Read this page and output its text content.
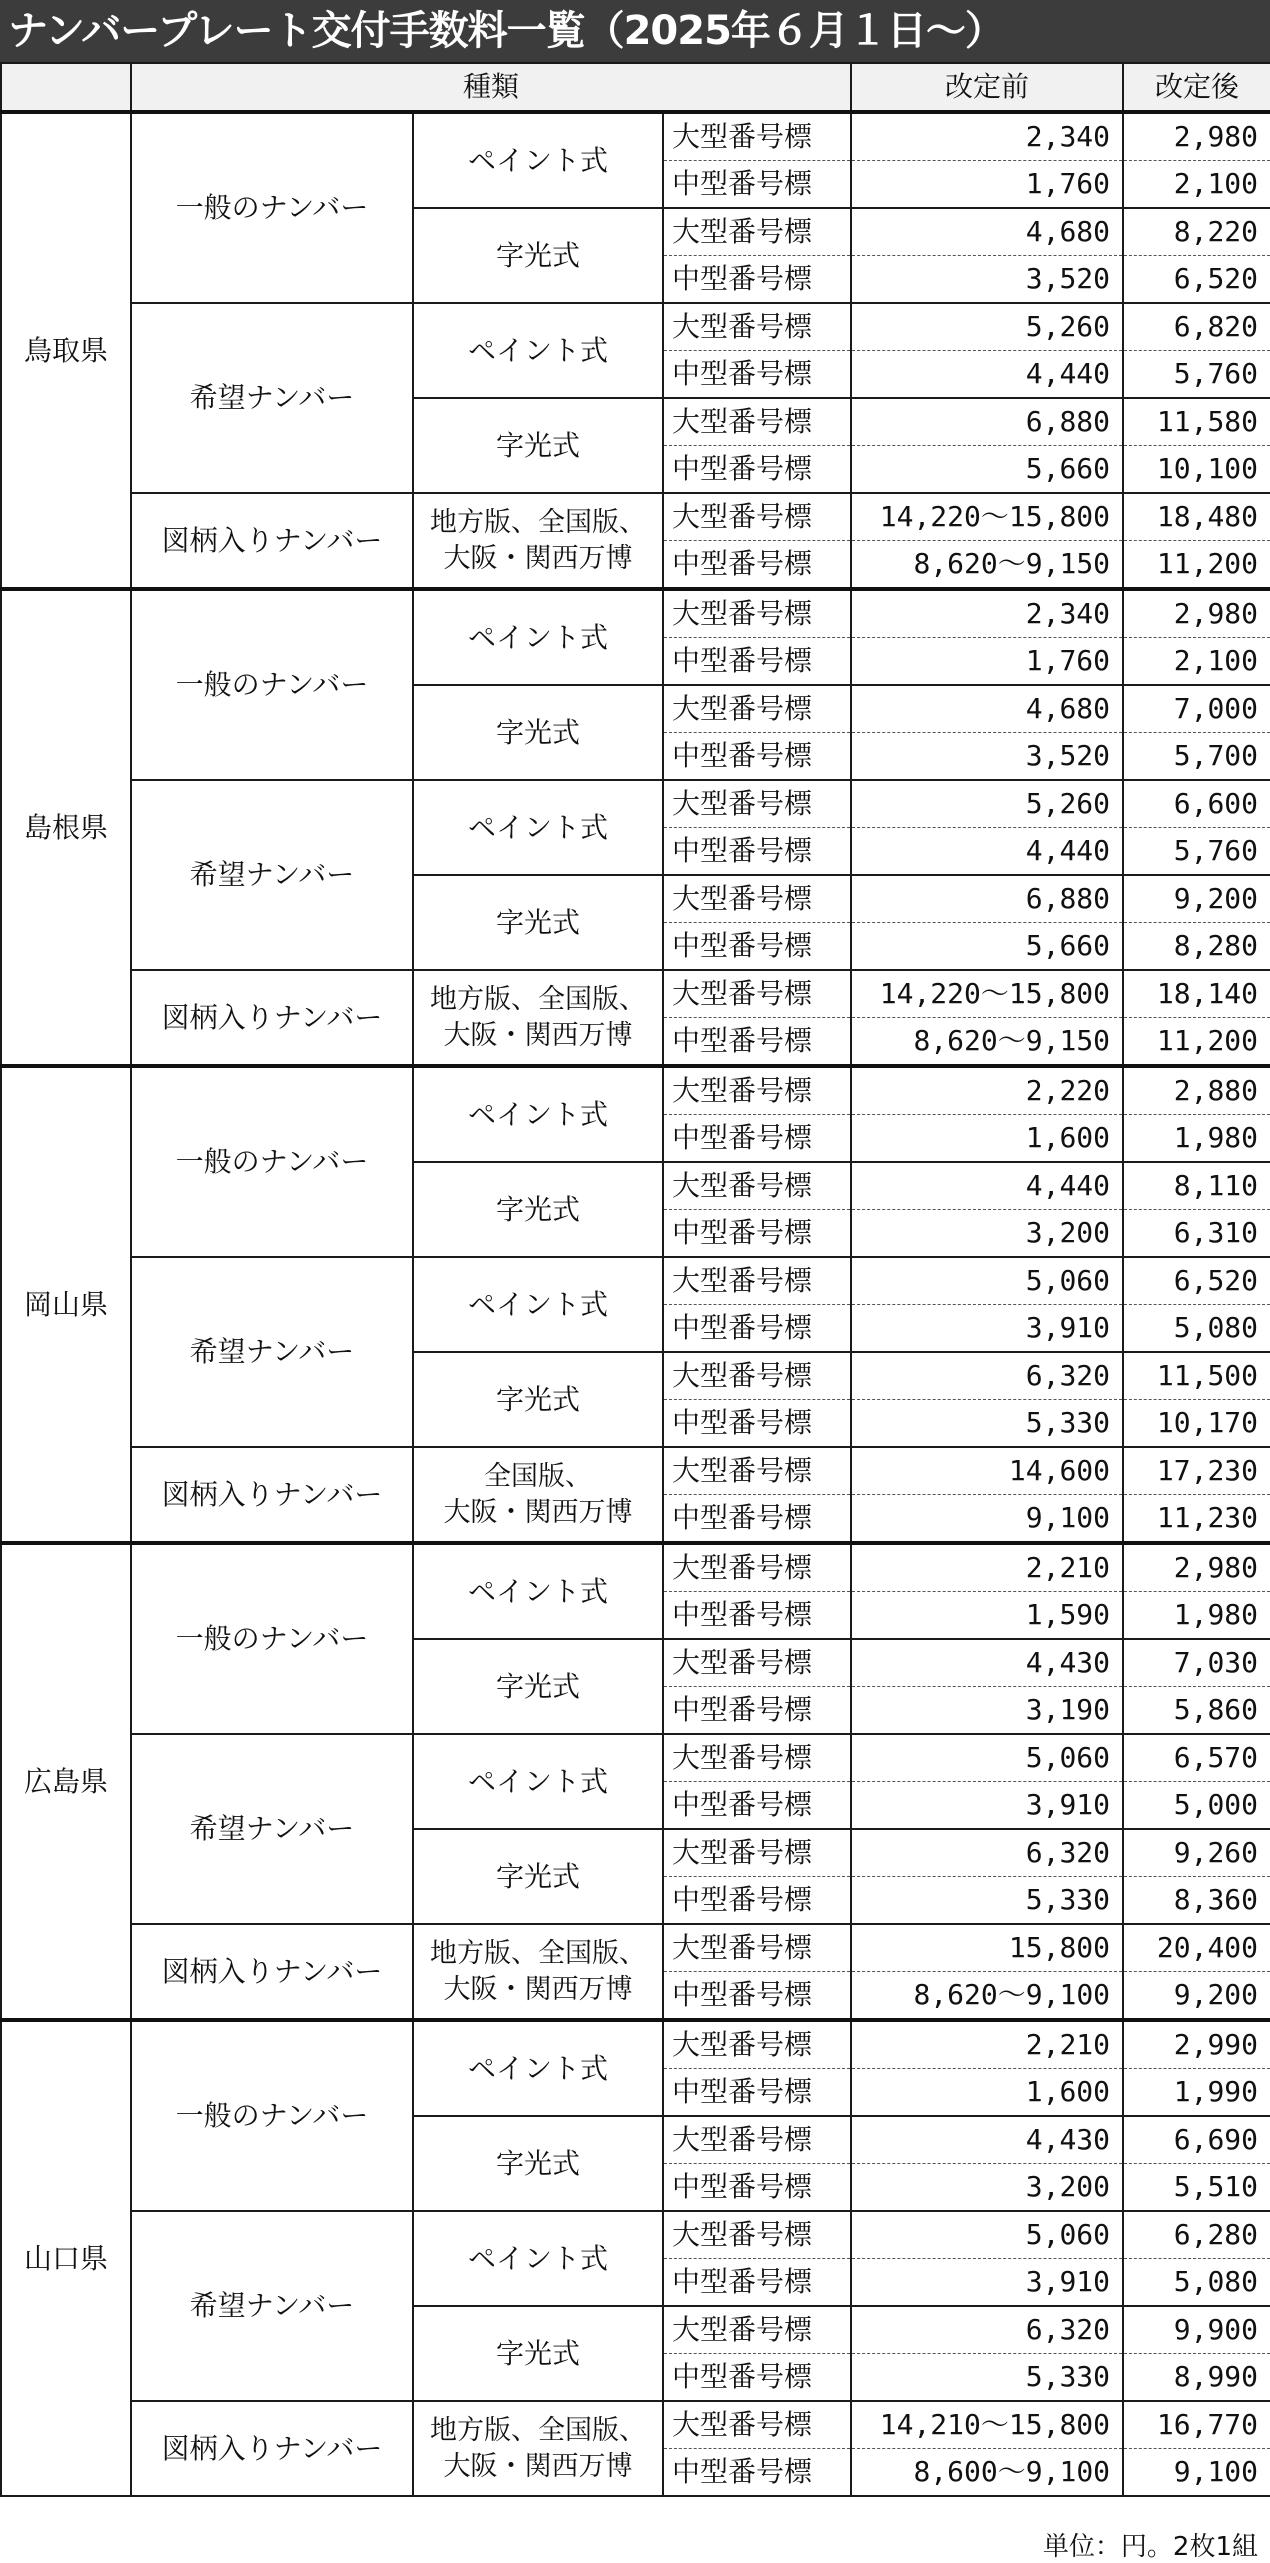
ナンバープレート交付手数料一覧（2025年６月１日～）
	種類			改定前	改定後
鳥取県	一般のナンバー	ペイント式	大型番号標	2,340	2,980
			中型番号標	1,760	2,100
		字光式	大型番号標	4,680	8,220
			中型番号標	3,520	6,520
	希望ナンバー	ペイント式	大型番号標	5,260	6,820
			中型番号標	4,440	5,760
		字光式	大型番号標	6,880	11,580
			中型番号標	5,660	10,100
	図柄入りナンバー	地方版、全国版、
大阪・関西万博	大型番号標	14,220～15,800	18,480
			中型番号標	8,620～9,150	11,200
島根県	一般のナンバー	ペイント式	大型番号標	2,340	2,980
			中型番号標	1,760	2,100
		字光式	大型番号標	4,680	7,000
			中型番号標	3,520	5,700
	希望ナンバー	ペイント式	大型番号標	5,260	6,600
			中型番号標	4,440	5,760
		字光式	大型番号標	6,880	9,200
			中型番号標	5,660	8,280
	図柄入りナンバー	地方版、全国版、
大阪・関西万博	大型番号標	14,220～15,800	18,140
			中型番号標	8,620～9,150	11,200
岡山県	一般のナンバー	ペイント式	大型番号標	2,220	2,880
			中型番号標	1,600	1,980
		字光式	大型番号標	4,440	8,110
			中型番号標	3,200	6,310
	希望ナンバー	ペイント式	大型番号標	5,060	6,520
			中型番号標	3,910	5,080
		字光式	大型番号標	6,320	11,500
			中型番号標	5,330	10,170
	図柄入りナンバー	全国版、
大阪・関西万博	大型番号標	14,600	17,230
			中型番号標	9,100	11,230
広島県	一般のナンバー	ペイント式	大型番号標	2,210	2,980
			中型番号標	1,590	1,980
		字光式	大型番号標	4,430	7,030
			中型番号標	3,190	5,860
	希望ナンバー	ペイント式	大型番号標	5,060	6,570
			中型番号標	3,910	5,000
		字光式	大型番号標	6,320	9,260
			中型番号標	5,330	8,360
	図柄入りナンバー	地方版、全国版、
大阪・関西万博	大型番号標	15,800	20,400
			中型番号標	8,620～9,100	9,200
山口県	一般のナンバー	ペイント式	大型番号標	2,210	2,990
			中型番号標	1,600	1,990
		字光式	大型番号標	4,430	6,690
			中型番号標	3,200	5,510
	希望ナンバー	ペイント式	大型番号標	5,060	6,280
			中型番号標	3,910	5,080
		字光式	大型番号標	6,320	9,900
			中型番号標	5,330	8,990
	図柄入りナンバー	地方版、全国版、
大阪・関西万博	大型番号標	14,210～15,800	16,770
			中型番号標	8,600～9,100	9,100
単位：円。2枚1組
